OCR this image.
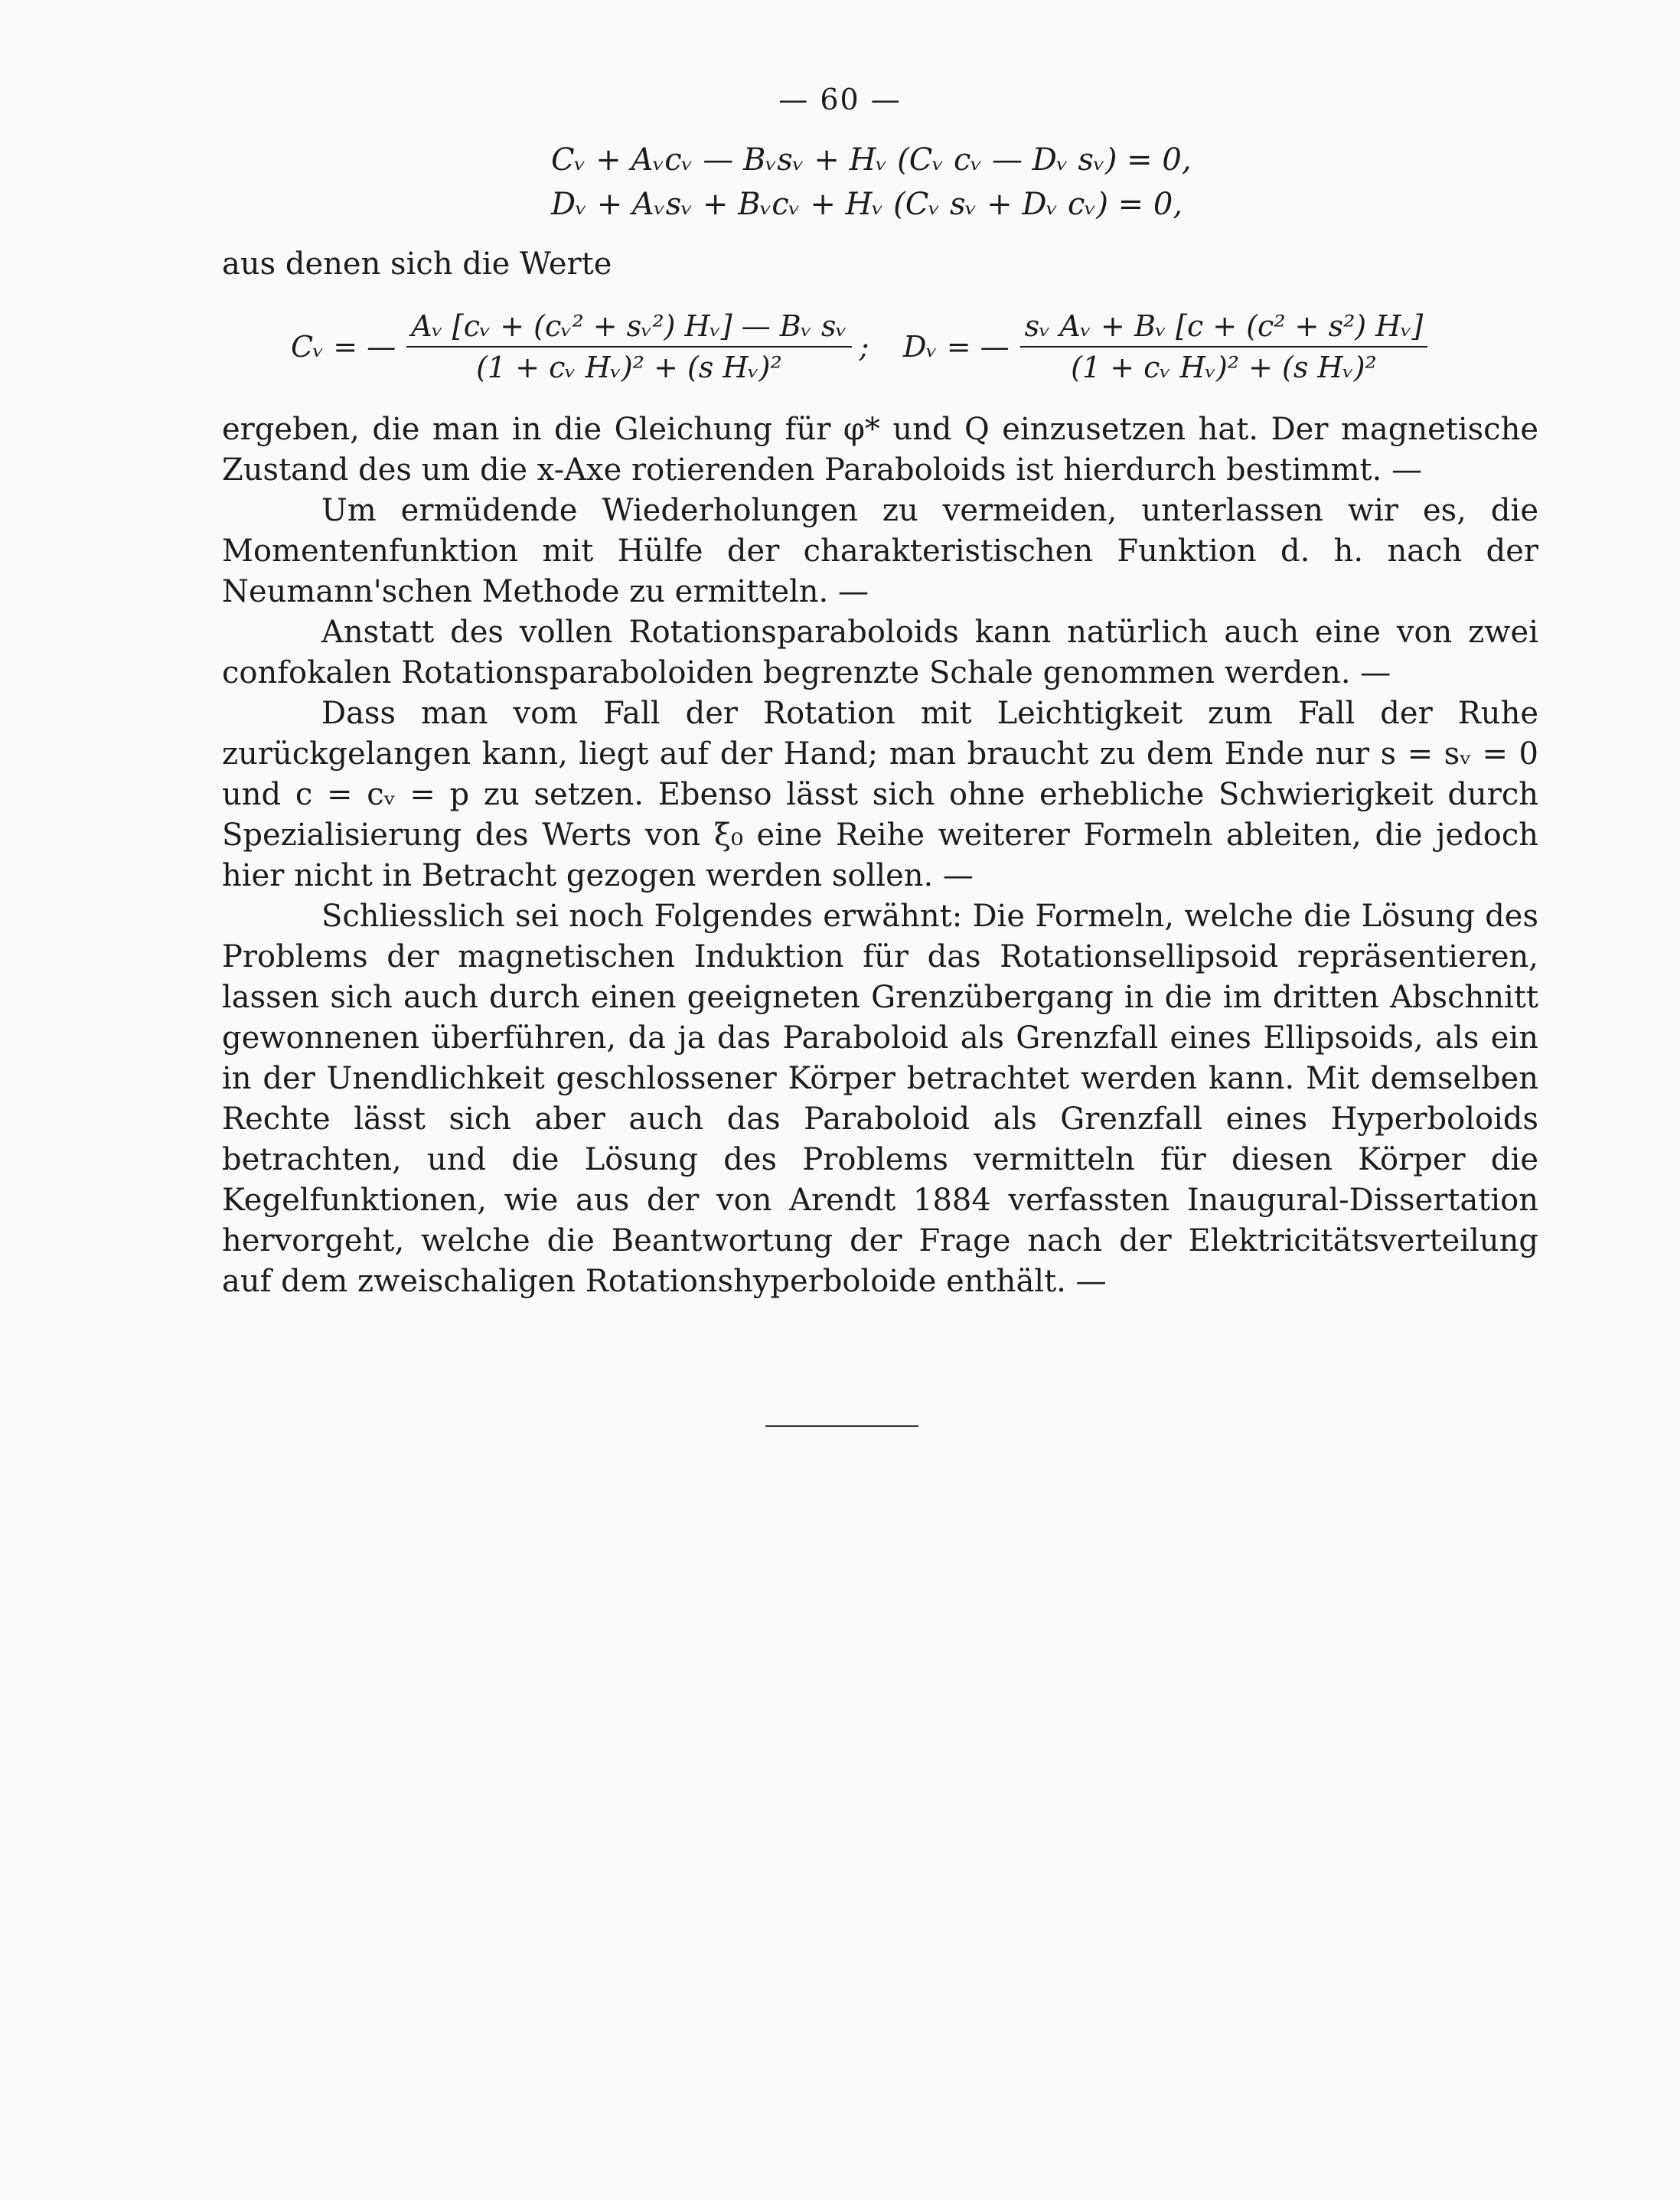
— 60 —
Cᵥ + Aᵥcᵥ — Bᵥsᵥ + Hᵥ (Cᵥ cᵥ — Dᵥ sᵥ) = 0,
Dᵥ + Aᵥsᵥ + Bᵥcᵥ + Hᵥ (Cᵥ sᵥ + Dᵥ cᵥ) = 0,
aus denen sich die Werte
Cᵥ = — $\frac{\text{Aᵥ [cᵥ + (cᵥ² + sᵥ²) Hᵥ] — Bᵥ sᵥ}}{\text{(1 + cᵥ Hᵥ)² + (s Hᵥ)²}}$ ; Dᵥ = — $\frac{\text{sᵥ Aᵥ + Bᵥ [c + (c² + s²) Hᵥ]}}{\text{(1 + cᵥ Hᵥ)² + (s Hᵥ)²}}$

ergeben, die man in die Gleichung für φ* und Q einzusetzen hat. Der magnetische Zustand des um die x-Axe rotierenden Paraboloids ist hierdurch bestimmt. —

Um ermüdende Wiederholungen zu vermeiden, unterlassen wir es, die Momentenfunktion mit Hülfe der charakteristischen Funktion d. h. nach der Neumann'schen Methode zu ermitteln. —

Anstatt des vollen Rotationsparaboloids kann natürlich auch eine von zwei confokalen Rotationsparaboloiden begrenzte Schale genommen werden. —

Dass man vom Fall der Rotation mit Leichtigkeit zum Fall der Ruhe zurückgelangen kann, liegt auf der Hand; man braucht zu dem Ende nur s = sᵥ = 0 und c = cᵥ = p zu setzen. Ebenso lässt sich ohne erhebliche Schwierigkeit durch Spezialisierung des Werts von ξ₀ eine Reihe weiterer Formeln ableiten, die jedoch hier nicht in Betracht gezogen werden sollen. —

Schliesslich sei noch Folgendes erwähnt: Die Formeln, welche die Lösung des Problems der magnetischen Induktion für das Rotationsellipsoid repräsentieren, lassen sich auch durch einen geeigneten Grenzübergang in die im dritten Abschnitt gewonnenen überführen, da ja das Paraboloid als Grenzfall eines Ellipsoids, als ein in der Unendlichkeit geschlossener Körper betrachtet werden kann. Mit demselben Rechte lässt sich aber auch das Paraboloid als Grenzfall eines Hyperboloids betrachten, und die Lösung des Problems vermitteln für diesen Körper die Kegelfunktionen, wie aus der von Arendt 1884 verfassten Inaugural-Dissertation hervorgeht, welche die Beantwortung der Frage nach der Elektricitätsverteilung auf dem zweischaligen Rotationshyperboloide enthält. —
